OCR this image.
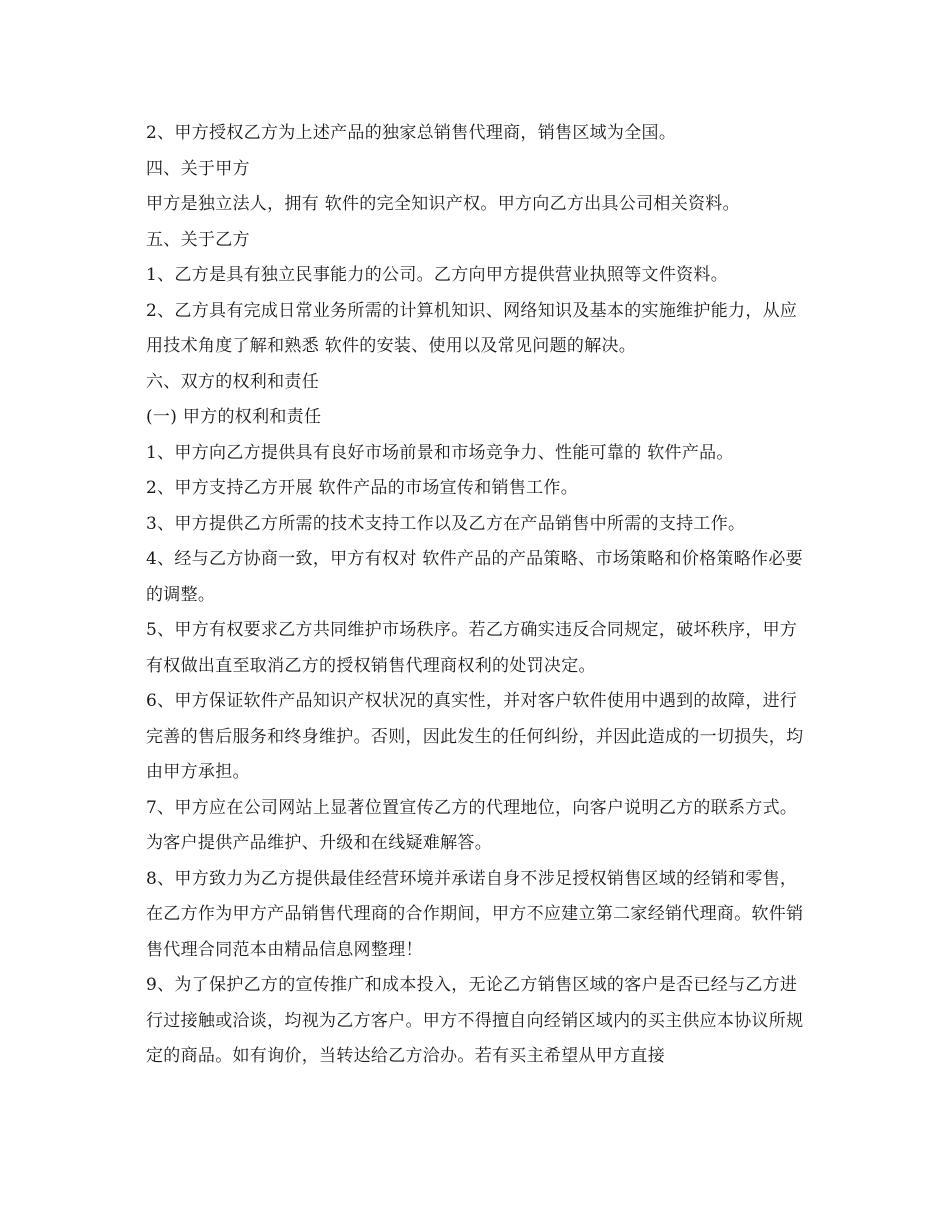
2、甲方授权乙方为上述产品的独家总销售代理商，销售区域为全国。

四、关于甲方

甲方是独立法人，拥有 软件的完全知识产权。甲方向乙方出具公司相关资料。

五、关于乙方

1、乙方是具有独立民事能力的公司。乙方向甲方提供营业执照等文件资料。

2、乙方具有完成日常业务所需的计算机知识、网络知识及基本的实施维护能力，从应用技术角度了解和熟悉 软件的安装、使用以及常见问题的解决。

六、双方的权利和责任

(一) 甲方的权利和责任

1、甲方向乙方提供具有良好市场前景和市场竞争力、性能可靠的 软件产品。

2、甲方支持乙方开展 软件产品的市场宣传和销售工作。

3、甲方提供乙方所需的技术支持工作以及乙方在产品销售中所需的支持工作。

4、经与乙方协商一致，甲方有权对 软件产品的产品策略、市场策略和价格策略作必要的调整。

5、甲方有权要求乙方共同维护市场秩序。若乙方确实违反合同规定，破坏秩序，甲方有权做出直至取消乙方的授权销售代理商权利的处罚决定。

6、甲方保证软件产品知识产权状况的真实性，并对客户软件使用中遇到的故障，进行完善的售后服务和终身维护。否则，因此发生的任何纠纷，并因此造成的一切损失，均由甲方承担。

7、甲方应在公司网站上显著位置宣传乙方的代理地位，向客户说明乙方的联系方式。为客户提供产品维护、升级和在线疑难解答。

8、甲方致力为乙方提供最佳经营环境并承诺自身不涉足授权销售区域的经销和零售，在乙方作为甲方产品销售代理商的合作期间，甲方不应建立第二家经销代理商。软件销售代理合同范本由精品信息网整理！

9、为了保护乙方的宣传推广和成本投入，无论乙方销售区域的客户是否已经与乙方进行过接触或洽谈，均视为乙方客户。甲方不得擅自向经销区域内的买主供应本协议所规定的商品。如有询价，当转达给乙方洽办。若有买主希望从甲方直接
